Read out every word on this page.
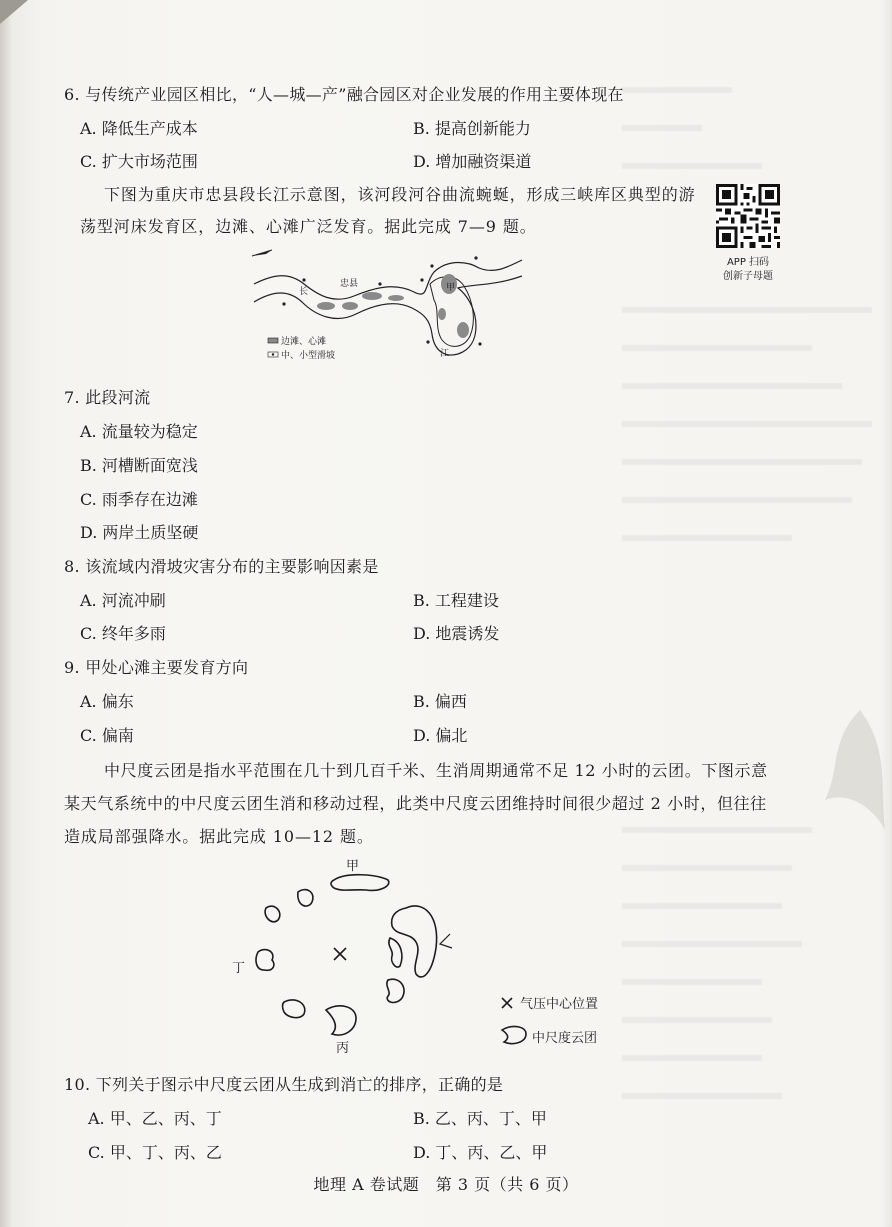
6. 与传统产业园区相比，“人—城—产”融合园区对企业发展的作用主要体现在
A. 降低生产成本	B. 提高创新能力
C. 扩大市场范围	D. 增加融资渠道
下图为重庆市忠县段长江示意图，该河段河谷曲流蜿蜒，形成三峡库区典型的游
荡型河床发育区，边滩、心滩广泛发育。据此完成 7—9 题。
APP 扫码
创新子母题
忠县	甲
长
江
边滩、心滩
中、小型滑坡
7. 此段河流
A. 流量较为稳定
B. 河槽断面宽浅
C. 雨季存在边滩
D. 两岸土质坚硬
8. 该流域内滑坡灾害分布的主要影响因素是
A. 河流冲刷	B. 工程建设
C. 终年多雨	D. 地震诱发
9. 甲处心滩主要发育方向
A. 偏东	B. 偏西
C. 偏南	D. 偏北
中尺度云团是指水平范围在几十到几百千米、生消周期通常不足 12 小时的云团。下图示意
某天气系统中的中尺度云团生消和移动过程，此类中尺度云团维持时间很少超过 2 小时，但往往
造成局部强降水。据此完成 10—12 题。
甲
丁
丙
气压中心位置
中尺度云团
10. 下列关于图示中尺度云团从生成到消亡的排序，正确的是
A. 甲、乙、丙、丁	B. 乙、丙、丁、甲
C. 甲、丁、丙、乙	D. 丁、丙、乙、甲
地理 A 卷试题　第 3 页（共 6 页）
